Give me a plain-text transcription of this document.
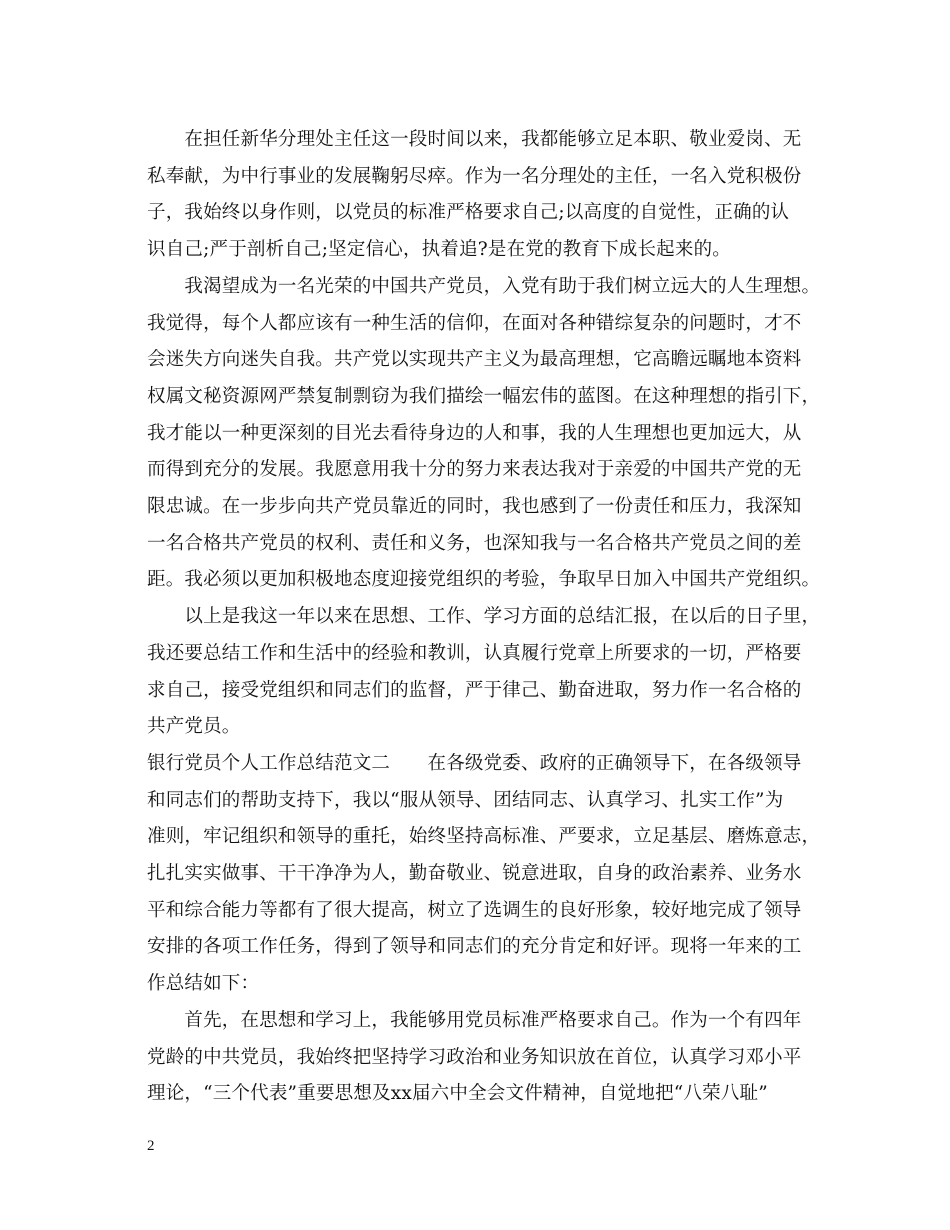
　　在担任新华分理处主任这一段时间以来，我都能够立足本职、敬业爱岗、无
私奉献，为中行事业的发展鞠躬尽瘁。作为一名分理处的主任，一名入党积极份
子，我始终以身作则，以党员的标准严格要求自己;以高度的自觉性，正确的认
识自己;严于剖析自己;坚定信心，执着追?是在党的教育下成长起来的。
　　我渴望成为一名光荣的中国共产党员，入党有助于我们树立远大的人生理想。
我觉得，每个人都应该有一种生活的信仰，在面对各种错综复杂的问题时，才不
会迷失方向迷失自我。共产党以实现共产主义为最高理想，它高瞻远瞩地本资料
权属文秘资源网严禁复制剽窃为我们描绘一幅宏伟的蓝图。在这种理想的指引下，
我才能以一种更深刻的目光去看待身边的人和事，我的人生理想也更加远大，从
而得到充分的发展。我愿意用我十分的努力来表达我对于亲爱的中国共产党的无
限忠诚。在一步步向共产党员靠近的同时，我也感到了一份责任和压力，我深知
一名合格共产党员的权利、责任和义务，也深知我与一名合格共产党员之间的差
距。我必须以更加积极地态度迎接党组织的考验，争取早日加入中国共产党组织。
　　以上是我这一年以来在思想、工作、学习方面的总结汇报，在以后的日子里，
我还要总结工作和生活中的经验和教训，认真履行党章上所要求的一切，严格要
求自己，接受党组织和同志们的监督，严于律己、勤奋进取，努力作一名合格的
共产党员。
银行党员个人工作总结范文二　　在各级党委、政府的正确领导下，在各级领导
和同志们的帮助支持下，我以“服从领导、团结同志、认真学习、扎实工作”为
准则，牢记组织和领导的重托，始终坚持高标准、严要求，立足基层、磨炼意志，
扎扎实实做事、干干净净为人，勤奋敬业、锐意进取，自身的政治素养、业务水
平和综合能力等都有了很大提高，树立了选调生的良好形象，较好地完成了领导
安排的各项工作任务，得到了领导和同志们的充分肯定和好评。现将一年来的工
作总结如下：
　　首先，在思想和学习上，我能够用党员标准严格要求自己。作为一个有四年
党龄的中共党员，我始终把坚持学习政治和业务知识放在首位，认真学习邓小平
理论，“三个代表”重要思想及xx届六中全会文件精神，自觉地把“八荣八耻”
2
